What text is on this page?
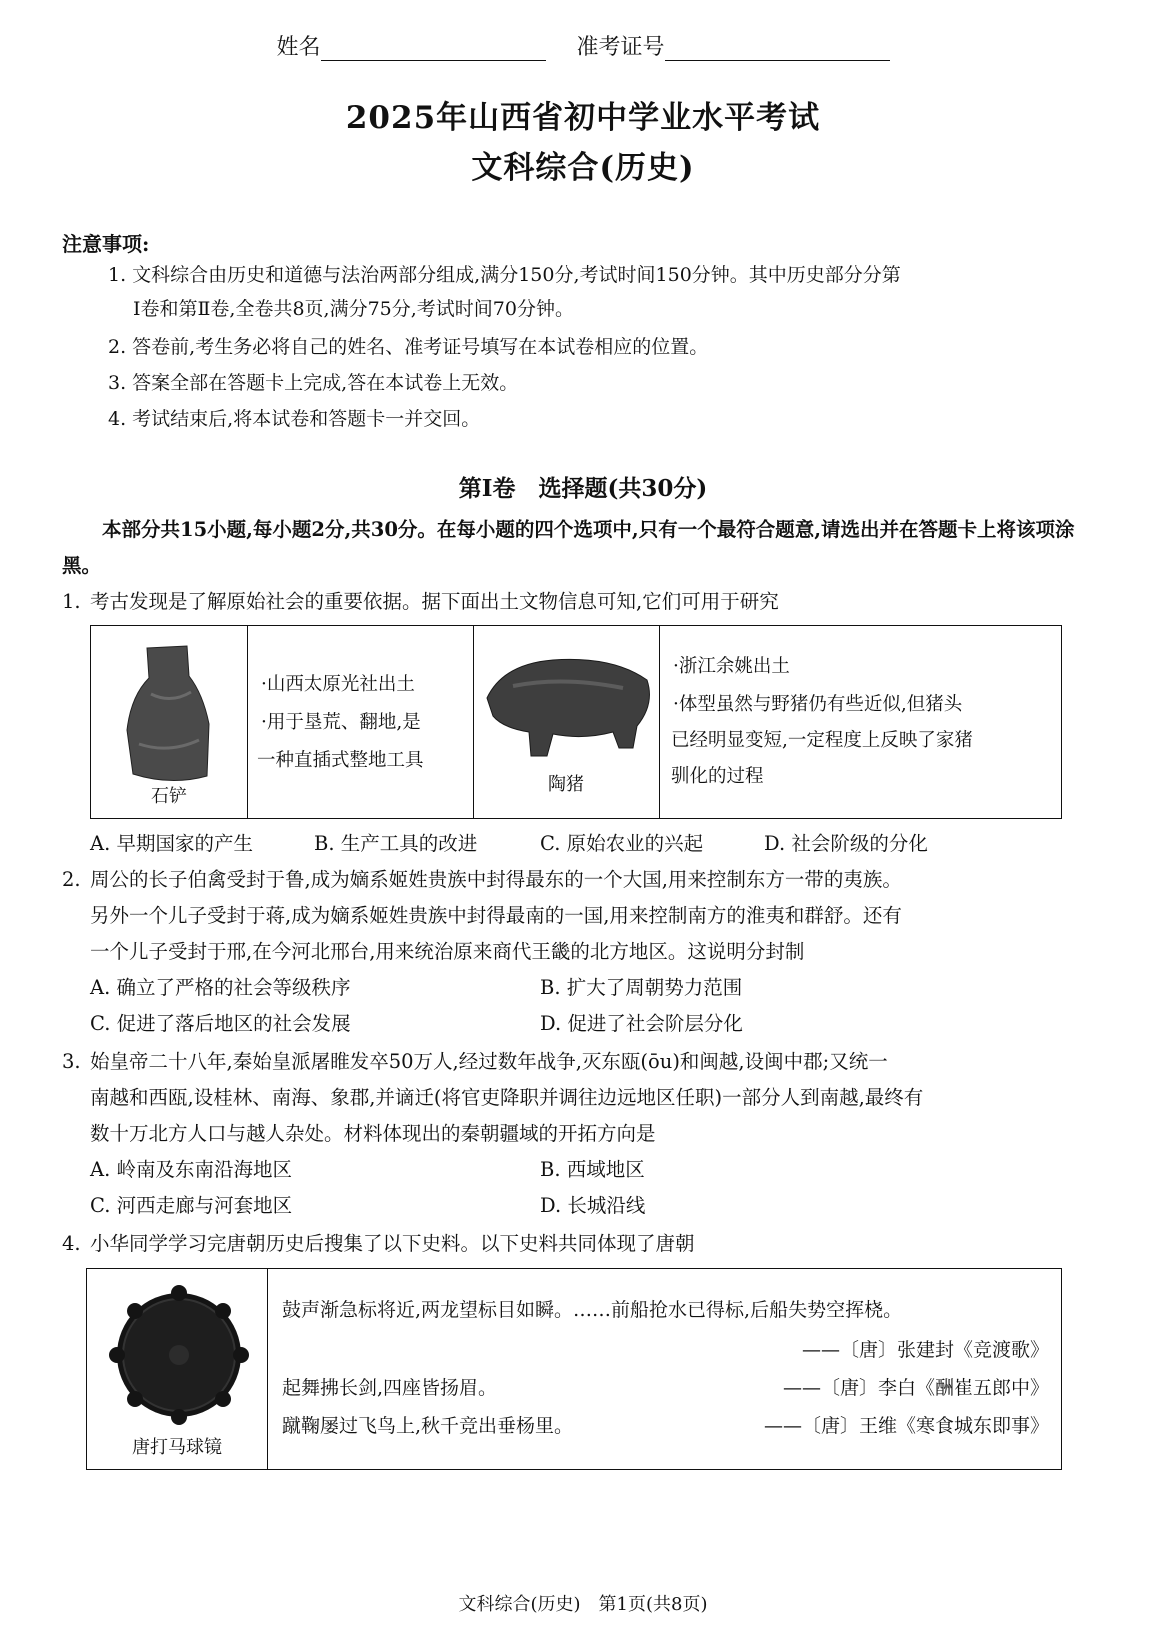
姓名	准考证号
2025年山西省初中学业水平考试
文科综合(历史)
注意事项:
1. 文科综合由历史和道德与法治两部分组成,满分150分,考试时间150分钟。其中历史部分分第
Ⅰ卷和第Ⅱ卷,全卷共8页,满分75分,考试时间70分钟。
2. 答卷前,考生务必将自己的姓名、准考证号填写在本试卷相应的位置。
3. 答案全部在答题卡上完成,答在本试卷上无效。
4. 考试结束后,将本试卷和答题卡一并交回。
第Ⅰ卷　选择题(共30分)
本部分共15小题,每小题2分,共30分。在每小题的四个选项中,只有一个最符合题意,请选出并在答题卡上将该项涂黑。
1. 考古发现是了解原始社会的重要依据。据下面出土文物信息可知,它们可用于研究
石铲
·山西太原光社出土
·用于垦荒、翻地,是
一种直插式整地工具
陶猪
·浙江余姚出土
·体型虽然与野猪仍有些近似,但猪头
已经明显变短,一定程度上反映了家猪
驯化的过程
A. 早期国家的产生	B. 生产工具的改进	C. 原始农业的兴起	D. 社会阶级的分化
2. 周公的长子伯禽受封于鲁,成为嫡系姬姓贵族中封得最东的一个大国,用来控制东方一带的夷族。
另外一个儿子受封于蒋,成为嫡系姬姓贵族中封得最南的一国,用来控制南方的淮夷和群舒。还有
一个儿子受封于邢,在今河北邢台,用来统治原来商代王畿的北方地区。这说明分封制
A. 确立了严格的社会等级秩序	B. 扩大了周朝势力范围
C. 促进了落后地区的社会发展	D. 促进了社会阶层分化
3. 始皇帝二十八年,秦始皇派屠睢发卒50万人,经过数年战争,灭东瓯(ōu)和闽越,设闽中郡;又统一
南越和西瓯,设桂林、南海、象郡,并谪迁(将官吏降职并调往边远地区任职)一部分人到南越,最终有
数十万北方人口与越人杂处。材料体现出的秦朝疆域的开拓方向是
A. 岭南及东南沿海地区	B. 西域地区
C. 河西走廊与河套地区	D. 长城沿线
4. 小华同学学习完唐朝历史后搜集了以下史料。以下史料共同体现了唐朝
唐打马球镜
鼓声渐急标将近,两龙望标目如瞬。……前船抢水已得标,后船失势空挥桡。
——〔唐〕张建封《竞渡歌》
起舞拂长剑,四座皆扬眉。	——〔唐〕李白《酬崔五郎中》
蹴鞠屡过飞鸟上,秋千竞出垂杨里。	——〔唐〕王维《寒食城东即事》
文科综合(历史)　第1页(共8页)
